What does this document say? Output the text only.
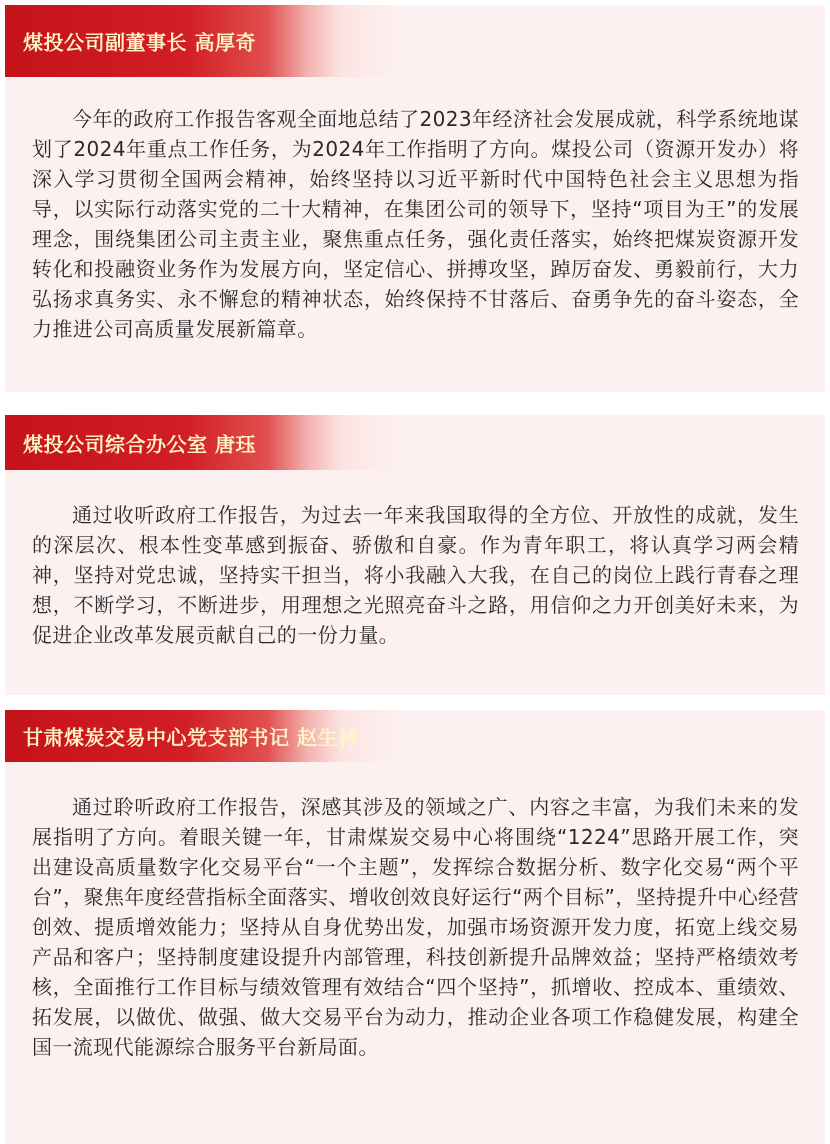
煤投公司副董事长 高厚奇

今年的政府工作报告客观全面地总结了2023年经济社会发展成就，科学系统地谋划了2024年重点工作任务，为2024年工作指明了方向。煤投公司（资源开发办）将深入学习贯彻全国两会精神，始终坚持以习近平新时代中国特色社会主义思想为指导，以实际行动落实党的二十大精神，在集团公司的领导下，坚持“项目为王”的发展理念，围绕集团公司主责主业，聚焦重点任务，强化责任落实，始终把煤炭资源开发转化和投融资业务作为发展方向，坚定信心、拼搏攻坚，踔厉奋发、勇毅前行，大力弘扬求真务实、永不懈怠的精神状态，始终保持不甘落后、奋勇争先的奋斗姿态，全力推进公司高质量发展新篇章。

煤投公司综合办公室 唐珏

通过收听政府工作报告，为过去一年来我国取得的全方位、开放性的成就，发生的深层次、根本性变革感到振奋、骄傲和自豪。作为青年职工，将认真学习两会精神，坚持对党忠诚，坚持实干担当，将小我融入大我，在自己的岗位上践行青春之理想，不断学习，不断进步，用理想之光照亮奋斗之路，用信仰之力开创美好未来，为促进企业改革发展贡献自己的一份力量。

甘肃煤炭交易中心党支部书记 赵生林

通过聆听政府工作报告，深感其涉及的领域之广、内容之丰富，为我们未来的发展指明了方向。着眼关键一年，甘肃煤炭交易中心将围绕“1224”思路开展工作，突出建设高质量数字化交易平台“一个主题”，发挥综合数据分析、数字化交易“两个平台”，聚焦年度经营指标全面落实、增收创效良好运行“两个目标”，坚持提升中心经营创效、提质增效能力；坚持从自身优势出发，加强市场资源开发力度，拓宽上线交易产品和客户；坚持制度建设提升内部管理，科技创新提升品牌效益；坚持严格绩效考核，全面推行工作目标与绩效管理有效结合“四个坚持”，抓增收、控成本、重绩效、拓发展，以做优、做强、做大交易平台为动力，推动企业各项工作稳健发展，构建全国一流现代能源综合服务平台新局面。
